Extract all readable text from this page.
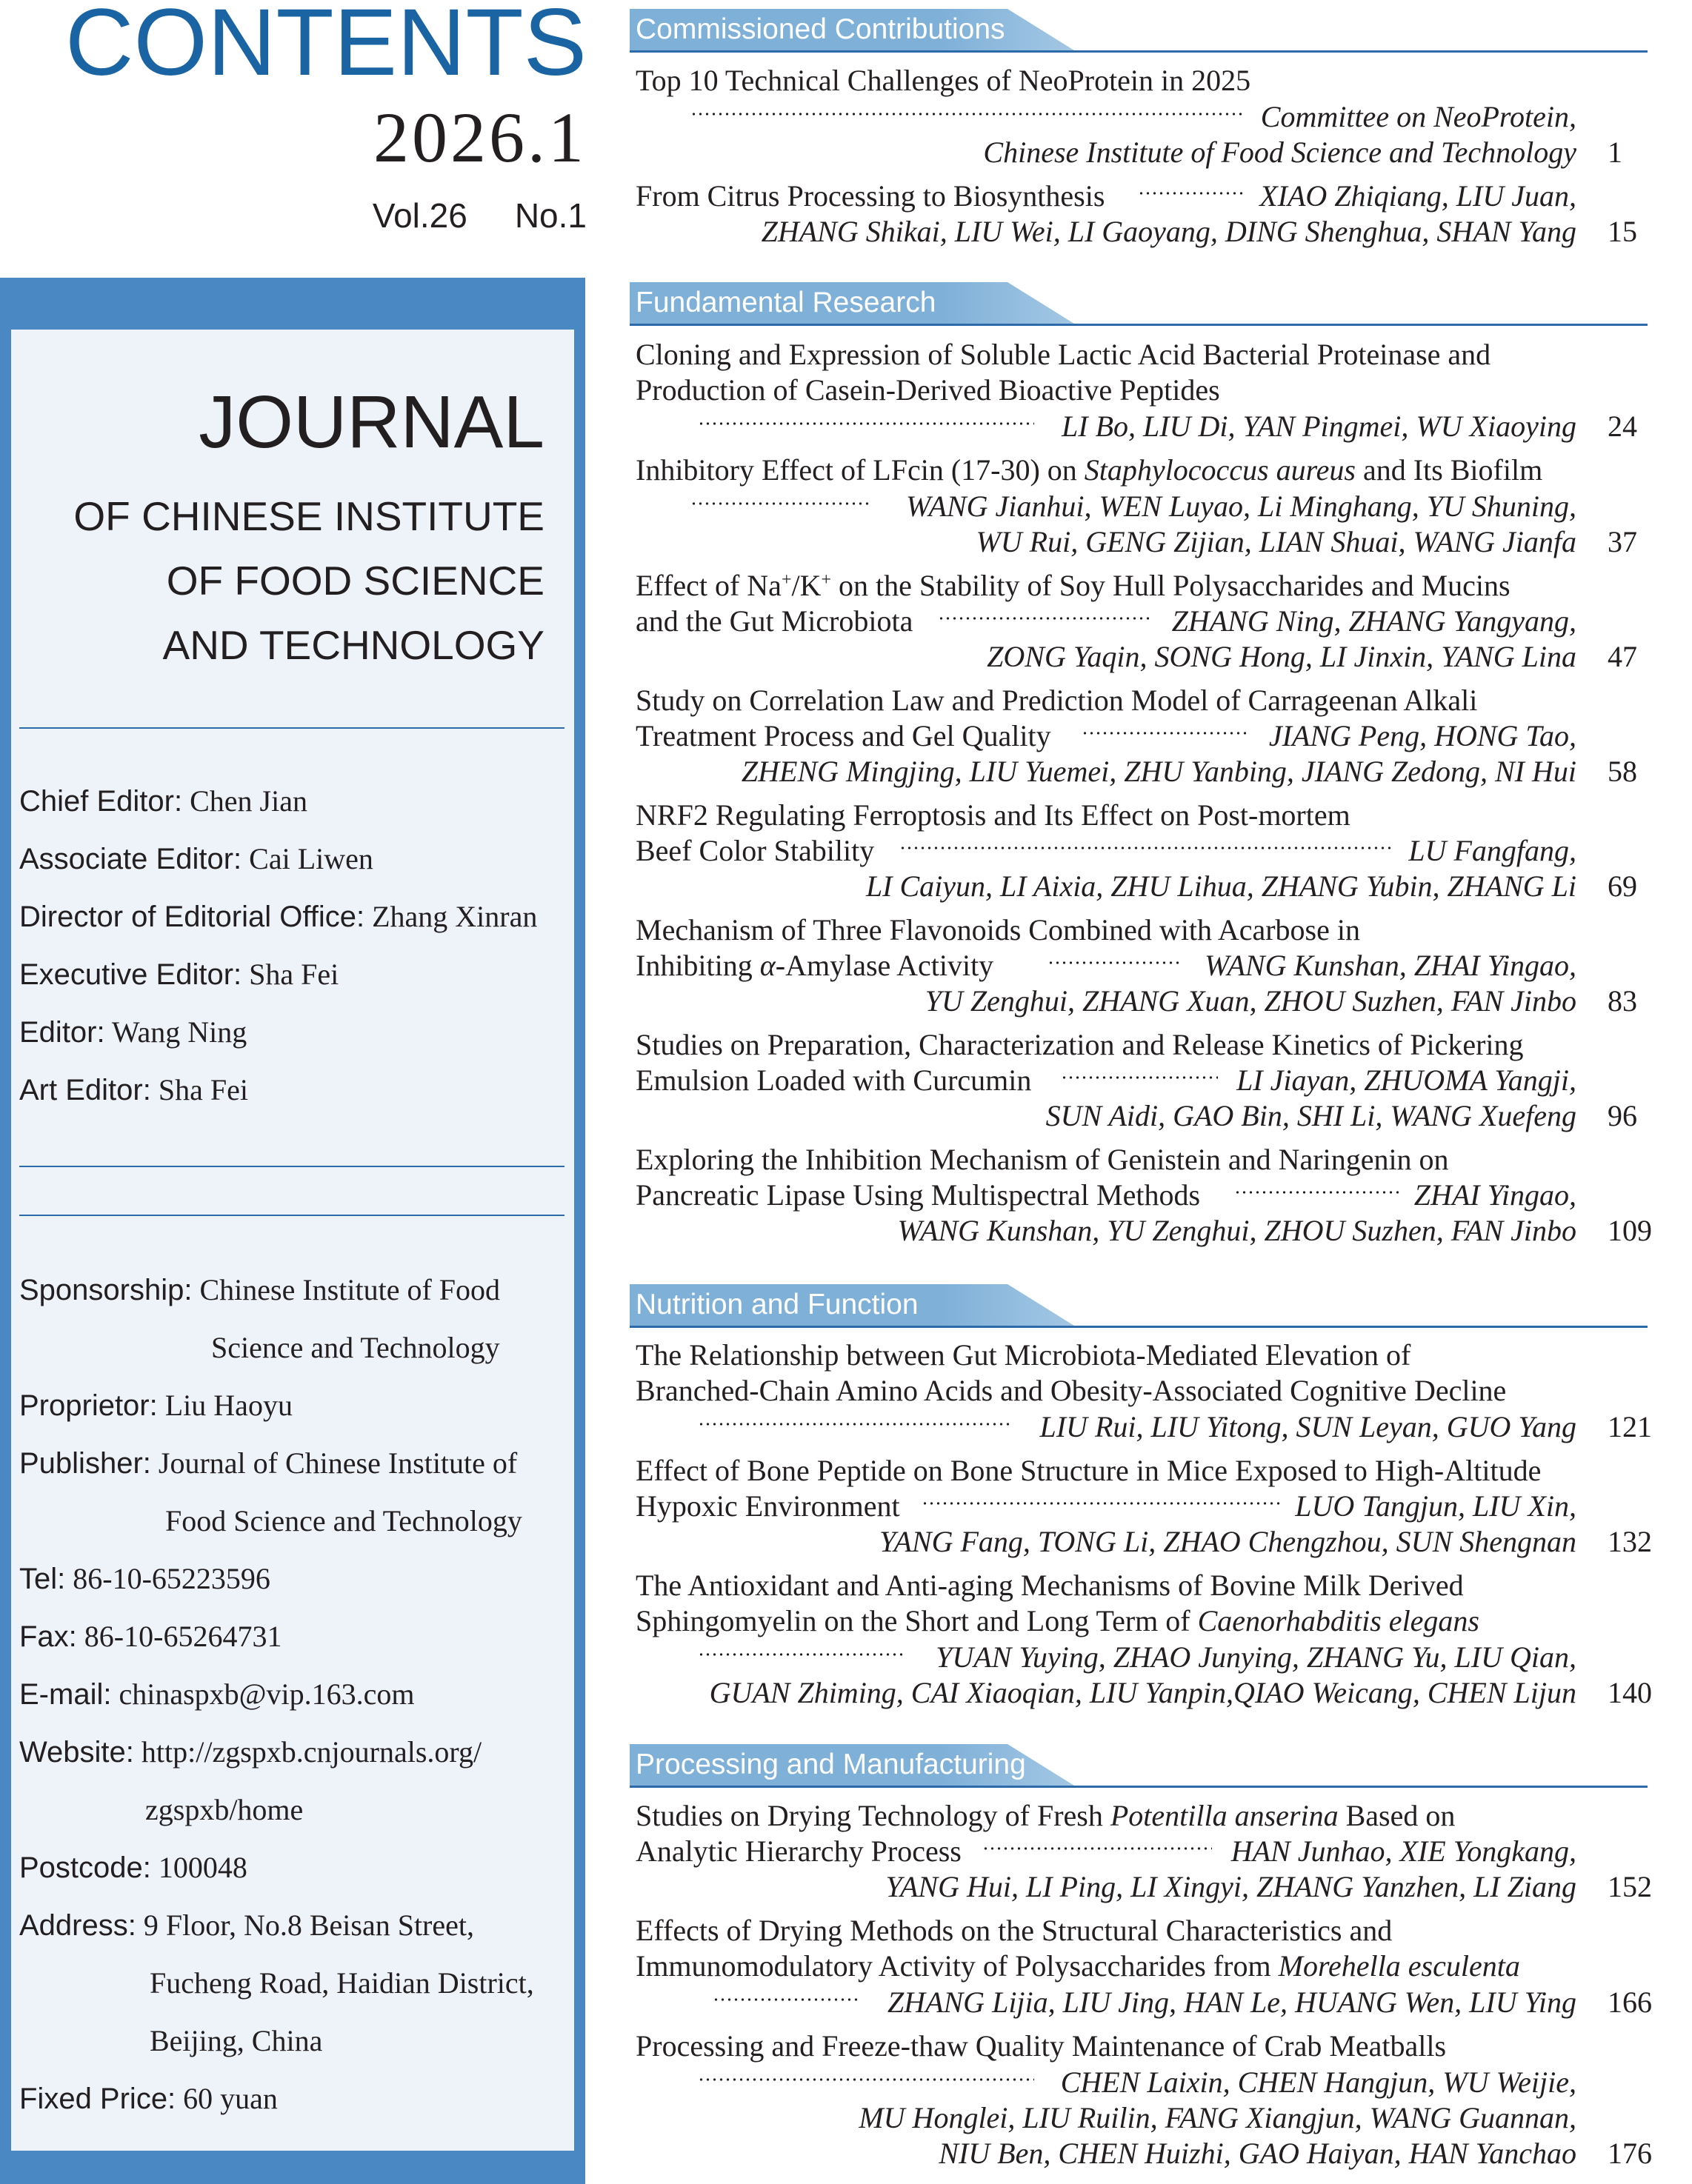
CONTENTS
2026.1
Vol.26 No.1
JOURNAL
OF CHINESE INSTITUTE
OF FOOD SCIENCE
AND TECHNOLOGY
Chief Editor: Chen Jian
Associate Editor: Cai Liwen
Director of Editorial Office: Zhang Xinran
Executive Editor: Sha Fei
Editor: Wang Ning
Art Editor: Sha Fei
Sponsorship: Chinese Institute of Food
Science and Technology
Proprietor: Liu Haoyu
Publisher: Journal of Chinese Institute of
Food Science and Technology
Tel: 86-10-65223596
Fax: 86-10-65264731
E-mail: chinaspxb@vip.163.com
Website: http://zgspxb.cnjournals.org/
zgspxb/home
Postcode: 100048
Address: 9 Floor, No.8 Beisan Street,
Fucheng Road, Haidian District,
Beijing, China
Fixed Price: 60 yuan
Commissioned Contributions
Top 10 Technical Challenges of NeoProtein in 2025
Committee on NeoProtein,
Chinese Institute of Food Science and Technology 1
From Citrus Processing to Biosynthesis	XIAO Zhiqiang, LIU Juan,
ZHANG Shikai, LIU Wei, LI Gaoyang, DING Shenghua, SHAN Yang 15
Fundamental Research
Cloning and Expression of Soluble Lactic Acid Bacterial Proteinase and
Production of Casein-Derived Bioactive Peptides
LI Bo, LIU Di, YAN Pingmei, WU Xiaoying 24
Inhibitory Effect of LFcin (17-30) on Staphylococcus aureus and Its Biofilm
WANG Jianhui, WEN Luyao, Li Minghang, YU Shuning,
WU Rui, GENG Zijian, LIAN Shuai, WANG Jianfa 37
Effect of Na+/K+ on the Stability of Soy Hull Polysaccharides and Mucins
and the Gut Microbiota	ZHANG Ning, ZHANG Yangyang,
ZONG Yaqin, SONG Hong, LI Jinxin, YANG Lina 47
Study on Correlation Law and Prediction Model of Carrageenan Alkali
Treatment Process and Gel Quality	JIANG Peng, HONG Tao,
ZHENG Mingjing, LIU Yuemei, ZHU Yanbing, JIANG Zedong, NI Hui 58
NRF2 Regulating Ferroptosis and Its Effect on Post-mortem
Beef Color Stability	LU Fangfang,
LI Caiyun, LI Aixia, ZHU Lihua, ZHANG Yubin, ZHANG Li 69
Mechanism of Three Flavonoids Combined with Acarbose in
Inhibiting α-Amylase Activity	WANG Kunshan, ZHAI Yingao,
YU Zenghui, ZHANG Xuan, ZHOU Suzhen, FAN Jinbo 83
Studies on Preparation, Characterization and Release Kinetics of Pickering
Emulsion Loaded with Curcumin	LI Jiayan, ZHUOMA Yangji,
SUN Aidi, GAO Bin, SHI Li, WANG Xuefeng 96
Exploring the Inhibition Mechanism of Genistein and Naringenin on
Pancreatic Lipase Using Multispectral Methods	ZHAI Yingao,
WANG Kunshan, YU Zenghui, ZHOU Suzhen, FAN Jinbo 109
Nutrition and Function
The Relationship between Gut Microbiota-Mediated Elevation of
Branched-Chain Amino Acids and Obesity-Associated Cognitive Decline
LIU Rui, LIU Yitong, SUN Leyan, GUO Yang 121
Effect of Bone Peptide on Bone Structure in Mice Exposed to High-Altitude
Hypoxic Environment	LUO Tangjun, LIU Xin,
YANG Fang, TONG Li, ZHAO Chengzhou, SUN Shengnan 132
The Antioxidant and Anti-aging Mechanisms of Bovine Milk Derived
Sphingomyelin on the Short and Long Term of Caenorhabditis elegans
YUAN Yuying, ZHAO Junying, ZHANG Yu, LIU Qian,
GUAN Zhiming, CAI Xiaoqian, LIU Yanpin,QIAO Weicang, CHEN Lijun 140
Processing and Manufacturing
Studies on Drying Technology of Fresh Potentilla anserina Based on
Analytic Hierarchy Process	HAN Junhao, XIE Yongkang,
YANG Hui, LI Ping, LI Xingyi, ZHANG Yanzhen, LI Ziang 152
Effects of Drying Methods on the Structural Characteristics and
Immunomodulatory Activity of Polysaccharides from Morehella esculenta
ZHANG Lijia, LIU Jing, HAN Le, HUANG Wen, LIU Ying 166
Processing and Freeze-thaw Quality Maintenance of Crab Meatballs
CHEN Laixin, CHEN Hangjun, WU Weijie,
MU Honglei, LIU Ruilin, FANG Xiangjun, WANG Guannan,
NIU Ben, CHEN Huizhi, GAO Haiyan, HAN Yanchao 176
